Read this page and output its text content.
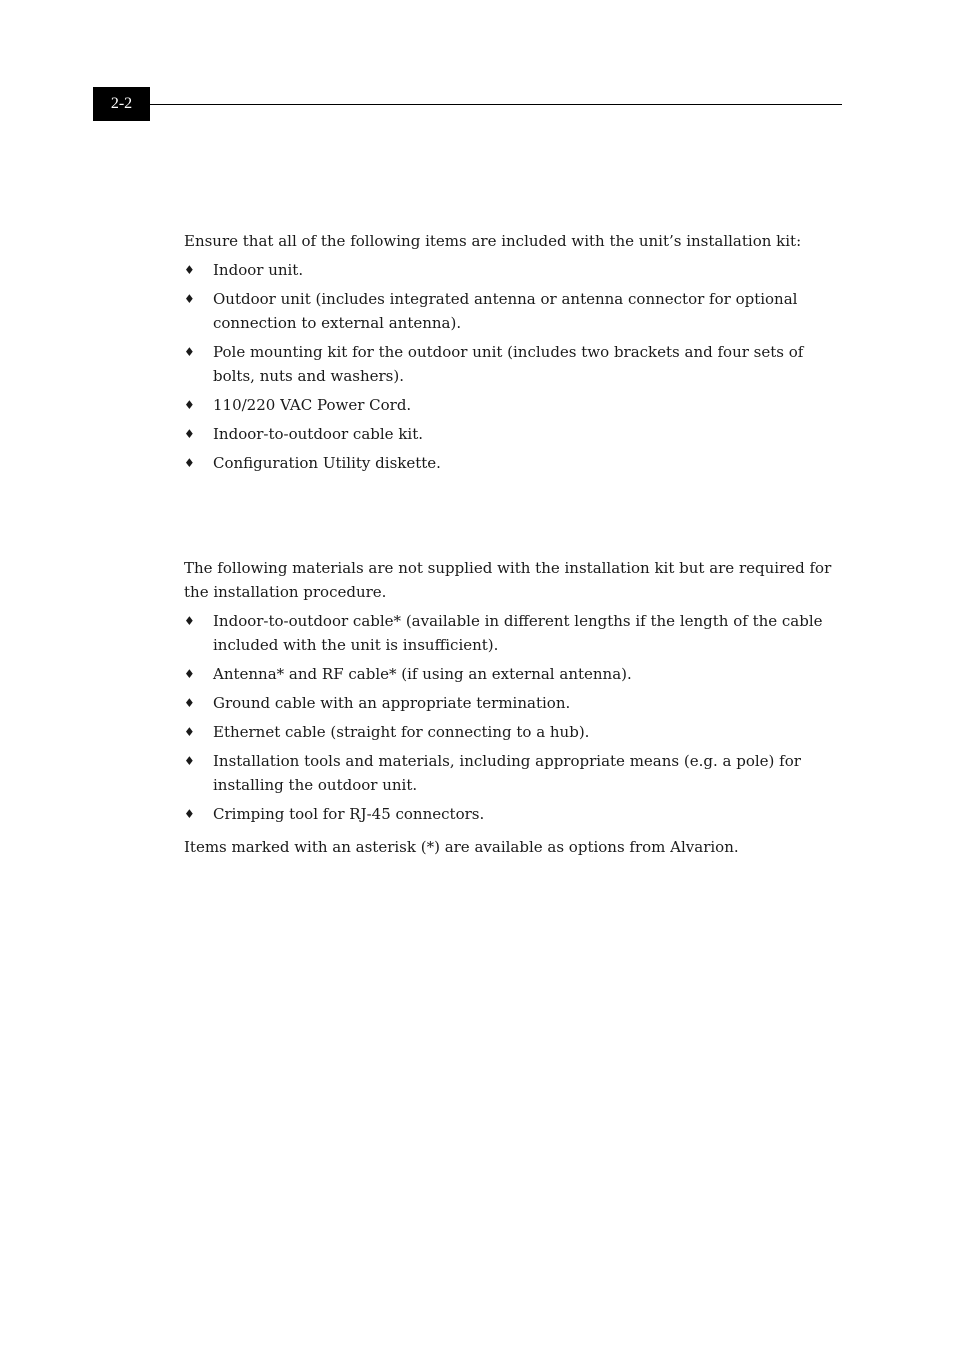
2-2

Ensure that all of the following items are included with the unit’s installation kit:

♦ Indoor unit.
♦ Outdoor unit (includes integrated antenna or antenna connector for optional connection to external antenna).
♦ Pole mounting kit for the outdoor unit (includes two brackets and four sets of bolts, nuts and washers).
♦ 110/220 VAC Power Cord.
♦ Indoor-to-outdoor cable kit.
♦ Configuration Utility diskette.

The following materials are not supplied with the installation kit but are required for the installation procedure.

♦ Indoor-to-outdoor cable* (available in different lengths if the length of the cable included with the unit is insufficient).
♦ Antenna* and RF cable* (if using an external antenna).
♦ Ground cable with an appropriate termination.
♦ Ethernet cable (straight for connecting to a hub).
♦ Installation tools and materials, including appropriate means (e.g. a pole) for installing the outdoor unit.
♦ Crimping tool for RJ-45 connectors.

Items marked with an asterisk (*) are available as options from Alvarion.
